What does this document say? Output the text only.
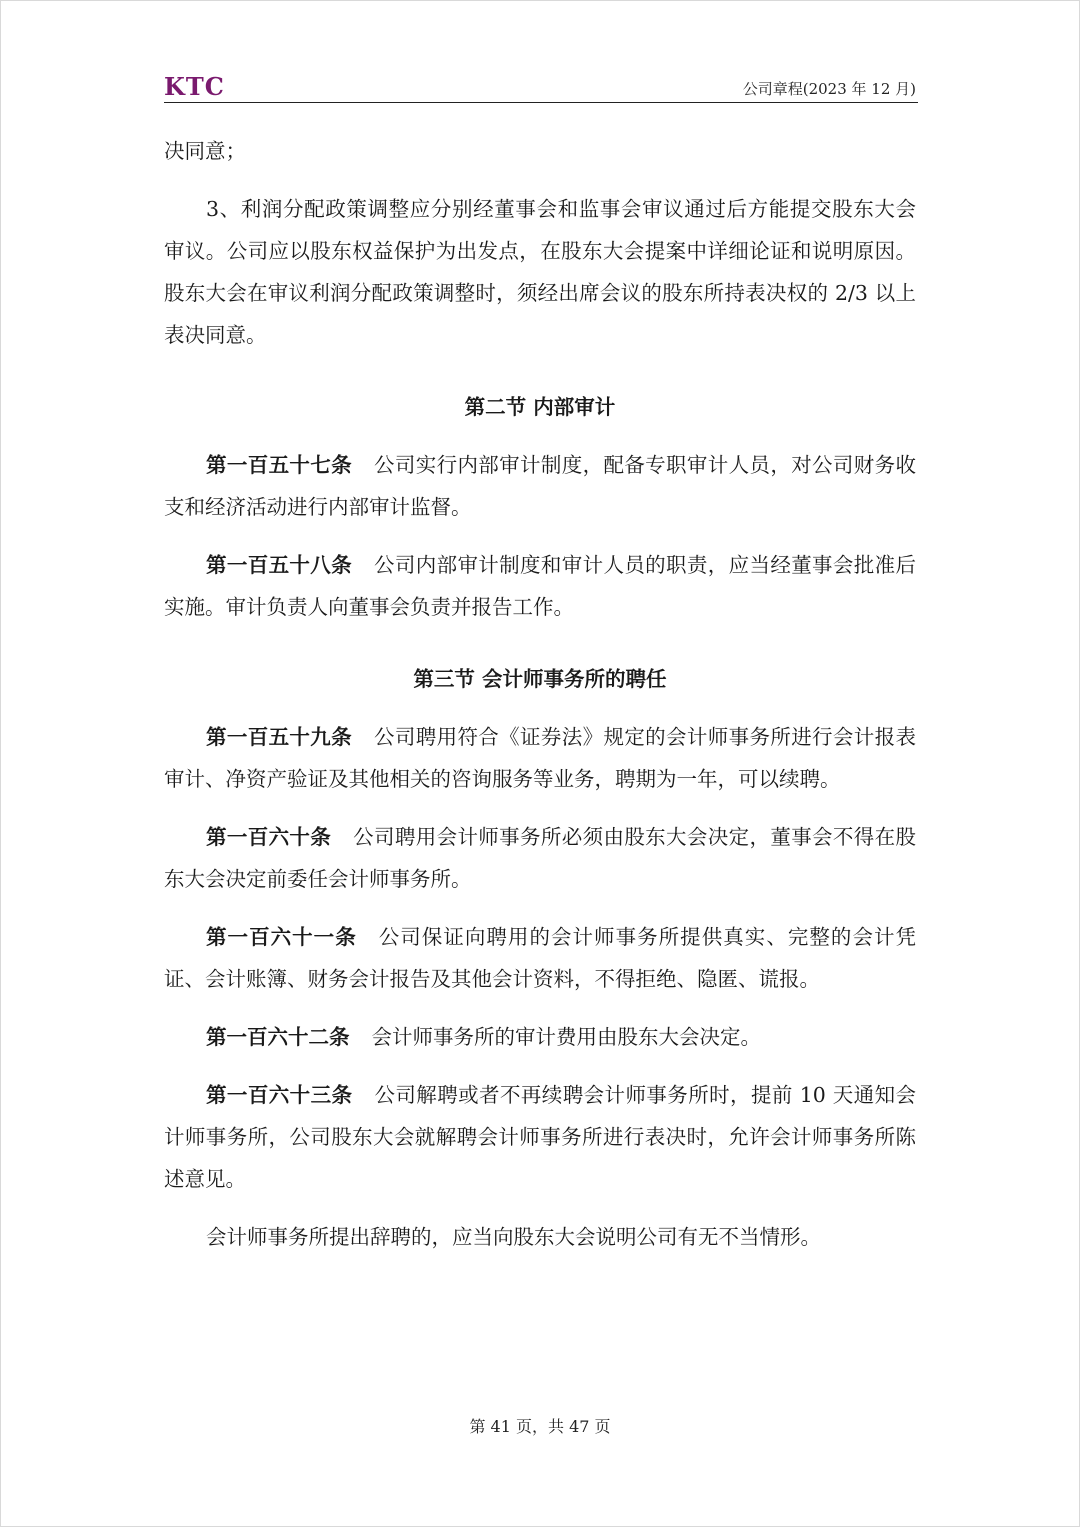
KTC	公司章程(2023 年 12 月)

决同意；

3、利润分配政策调整应分别经董事会和监事会审议通过后方能提交股东大会审议。公司应以股东权益保护为出发点，在股东大会提案中详细论证和说明原因。股东大会在审议利润分配政策调整时，须经出席会议的股东所持表决权的 2/3 以上表决同意。

第二节 内部审计

第一百五十七条 公司实行内部审计制度，配备专职审计人员，对公司财务收支和经济活动进行内部审计监督。

第一百五十八条 公司内部审计制度和审计人员的职责，应当经董事会批准后实施。审计负责人向董事会负责并报告工作。

第三节 会计师事务所的聘任

第一百五十九条 公司聘用符合《证券法》规定的会计师事务所进行会计报表审计、净资产验证及其他相关的咨询服务等业务，聘期为一年，可以续聘。

第一百六十条 公司聘用会计师事务所必须由股东大会决定，董事会不得在股东大会决定前委任会计师事务所。

第一百六十一条 公司保证向聘用的会计师事务所提供真实、完整的会计凭证、会计账簿、财务会计报告及其他会计资料，不得拒绝、隐匿、谎报。

第一百六十二条 会计师事务所的审计费用由股东大会决定。

第一百六十三条 公司解聘或者不再续聘会计师事务所时，提前 10 天通知会计师事务所，公司股东大会就解聘会计师事务所进行表决时，允许会计师事务所陈述意见。

会计师事务所提出辞聘的，应当向股东大会说明公司有无不当情形。

第 41 页，共 47 页
